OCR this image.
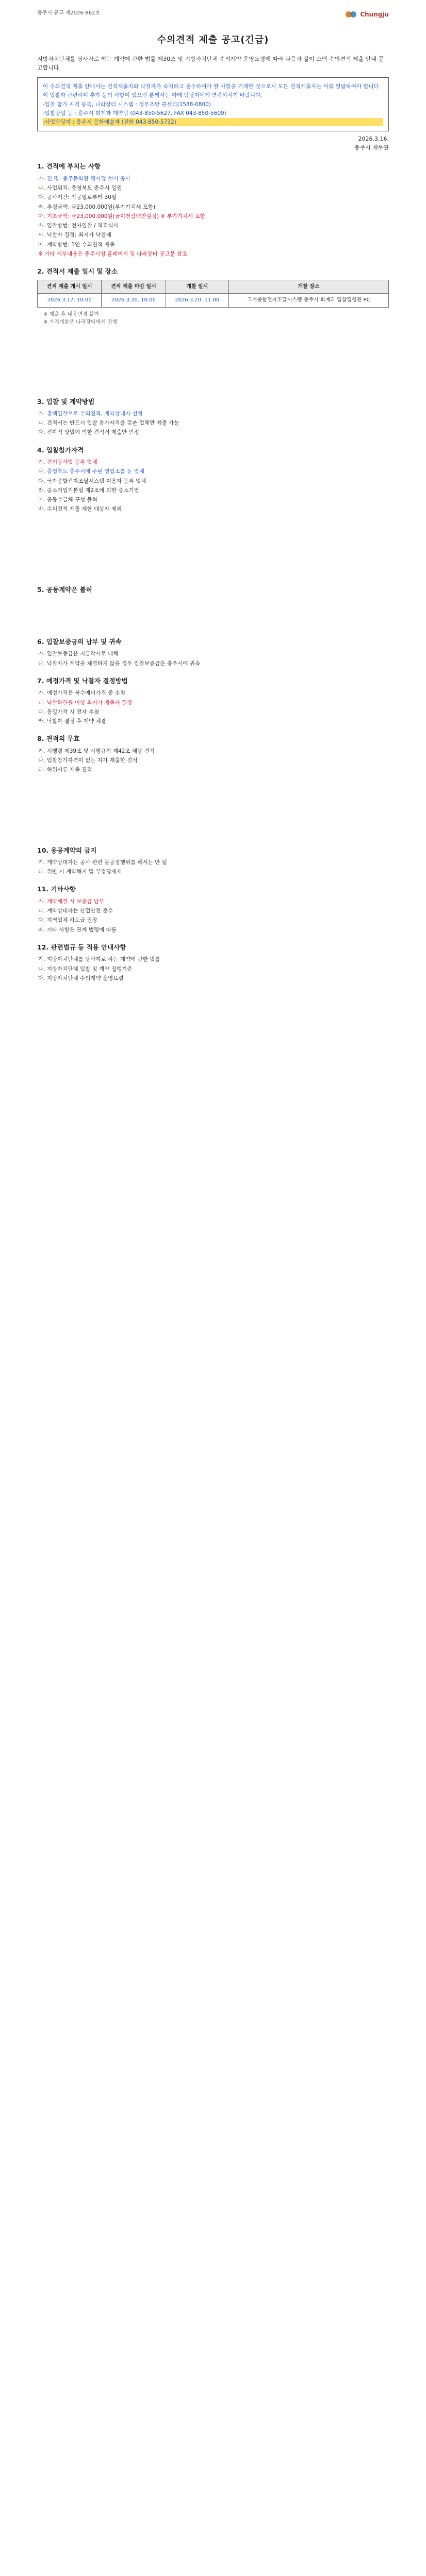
충주시 공고 제2026-862호	Chungju
수의견적 제출 공고(긴급)

지방자치단체를 당사자로 하는 계약에 관한 법률 제30조 및 지방자치단체 수의계약 운영요령에 따라 다음과 같이 소액 수의견적 제출 안내 공고합니다.

이 수의견적 제출 안내서는 견적제출자와 낙찰자가 숙지하고 준수하여야 할 사항을 기재한 것으로서 모든 견적제출자는 이를 열람하여야 합니다.
이 입찰과 관련하여 추가 문의 사항이 있으신 분께서는 아래 담당자에게 연락하시기 바랍니다.
-입찰 참가 자격 등록, 나라장터 시스템 : 정부조달 콜센터(1588-0800)
-입찰방법 등 : 충주시 회계과 계약팀 (043-850-5627, FAX 043-850-5609)
-사업담당자 : 충주시 문화예술과 (전화 043-850-5732)
2026.3.16.
충주시 재무관
1. 견적에 부치는 사항
가. 건 명: 충주문화관 행사장 설비 공사
나. 사업위치: 충청북도 충주시 일원
다. 공사기간: 착공일로부터 30일
라. 추정금액: 금23,000,000원(부가가치세 포함)
마. 기초금액: 금23,000,000원(금이천삼백만원정) ※ 부가가치세 포함
바. 입찰방법: 전자입찰 / 적격심사
사. 낙찰자 결정: 최저가 낙찰제
아. 계약방법: 1인 수의견적 제출
※ 기타 세부내용은 충주시청 홈페이지 및 나라장터 공고문 참조
2. 견적서 제출 일시 및 장소
견적 제출 개시 일시	견적 제출 마감 일시	개찰 일시	개찰 장소
2026.3.17. 10:00	2026.3.20. 10:00	2026.3.20. 11:00	국가종합전자조달시스템 충주시 회계과 입찰집행관 PC
※ 제출 후 내용변경 불가
※ 가격개찰은 나라장터에서 진행
3. 입찰 및 계약방법
가. 총액입찰으로 수의견적, 계약상대자 선정
나. 견적서는 반드시 입찰 참가자격을 갖춘 업체만 제출 가능
다. 전자적 방법에 의한 견적서 제출만 인정
4. 입찰참가자격
가. 전기공사업 등록 업체
나. 충청북도 충주시에 주된 영업소를 둔 업체
다. 국가종합전자조달시스템 이용자 등록 업체
라. 중소기업기본법 제2조에 의한 중소기업
마. 공동수급체 구성 불허
바. 수의견적 제출 제한 대상자 제외
5. 공동계약은 불허
6. 입찰보증금의 납부 및 귀속
가. 입찰보증금은 지급각서로 대체
나. 낙찰자가 계약을 체결하지 않을 경우 입찰보증금은 충주시에 귀속
7. 예정가격 및 낙찰자 결정방법
가. 예정가격은 복수예비가격 중 추첨
나. 낙찰하한율 이상 최저가 제출자 결정
다. 동일가격 시 전자 추첨
라. 낙찰자 결정 후 계약 체결
8. 견적의 무효
가. 시행령 제39조 및 시행규칙 제42조 해당 견적
나. 입찰참가자격이 없는 자가 제출한 견적
다. 허위서류 제출 견적
10. 용공계약의 금지
가. 계약상대자는 공사 관련 불공정행위를 해서는 안 됨
나. 위반 시 계약해지 및 부정당제재
11. 기타사항
가. 계약체결 시 보증금 납부
나. 계약상대자는 산업안전 준수
다. 지역업체 하도급 권장
라. 기타 사항은 관계 법령에 따름
12. 관련법규 등 적용 안내사항
가. 지방자치단체를 당사자로 하는 계약에 관한 법률
나. 지방자치단체 입찰 및 계약 집행기준
다. 지방자치단체 수의계약 운영요령
